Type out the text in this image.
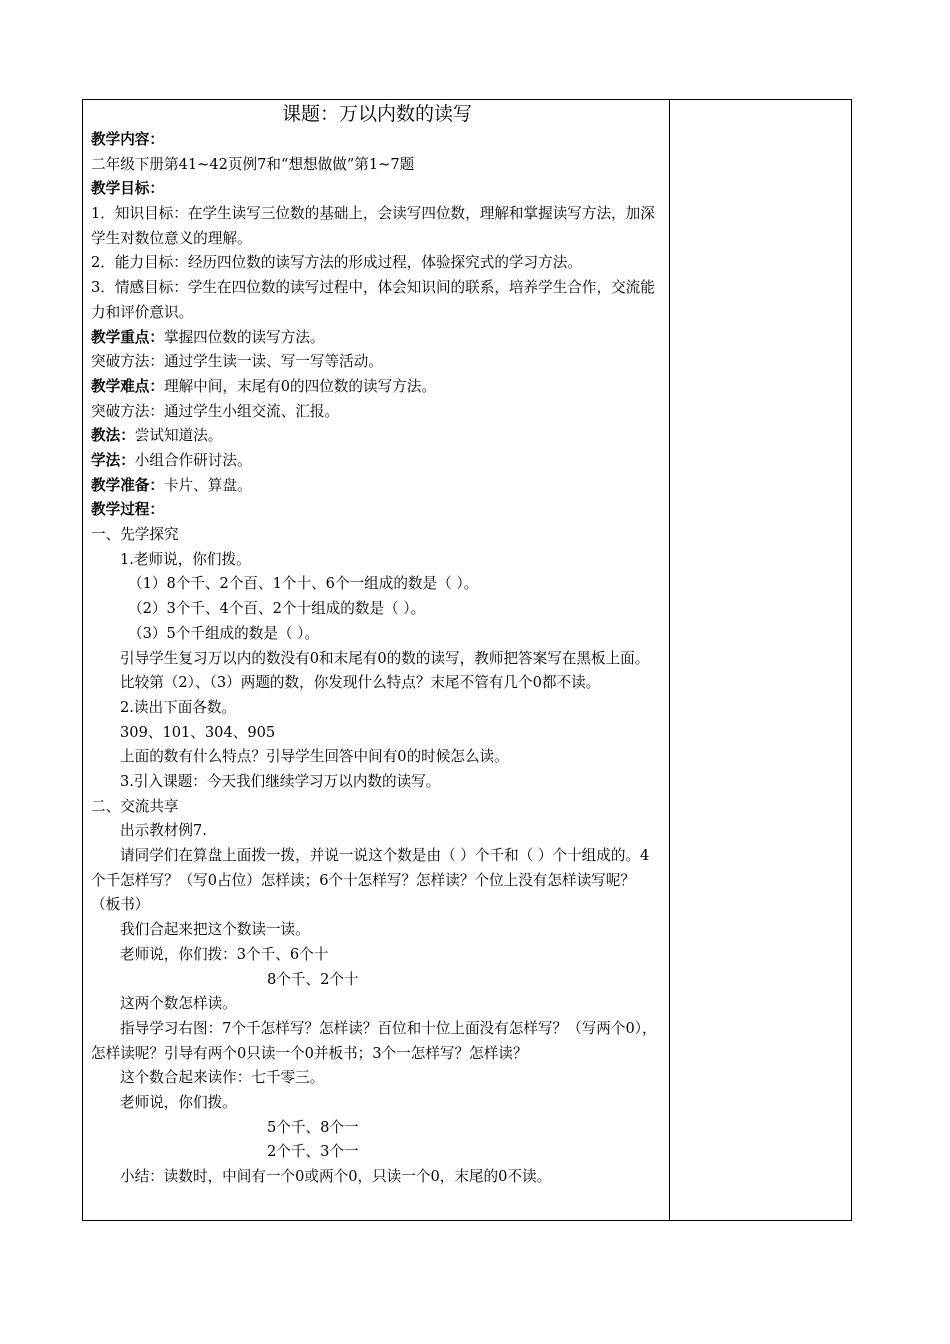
课题：万以内数的读写

教学内容：

二年级下册第41~42页例7和“想想做做”第1~7题

教学目标：

1．知识目标：在学生读写三位数的基础上，会读写四位数，理解和掌握读写方法，加深学生对数位意义的理解。

2．能力目标：经历四位数的读写方法的形成过程，体验探究式的学习方法。

3．情感目标：学生在四位数的读写过程中，体会知识间的联系，培养学生合作，交流能力和评价意识。

教学重点：掌握四位数的读写方法。

突破方法：通过学生读一读、写一写等活动。

教学难点：理解中间，末尾有0的四位数的读写方法。

突破方法：通过学生小组交流、汇报。

教法：尝试知道法。

学法：小组合作研讨法。

教学准备：卡片、算盘。

教学过程：

一、先学探究

1.老师说，你们拨。

（1）8个千、2个百、1个十、6个一组成的数是（ ）。

（2）3个千、4个百、2个十组成的数是（ ）。

（3）5个千组成的数是（ ）。

引导学生复习万以内的数没有0和末尾有0的数的读写，教师把答案写在黑板上面。

比较第（2）、（3）两题的数，你发现什么特点？末尾不管有几个0都不读。

2.读出下面各数。

309、101、304、905

上面的数有什么特点？引导学生回答中间有0的时候怎么读。

3.引入课题：今天我们继续学习万以内数的读写。

二、交流共享

出示教材例7.

请同学们在算盘上面拨一拨，并说一说这个数是由（ ）个千和（ ）个十组成的。4个千怎样写？（写0占位）怎样读；6个十怎样写？怎样读？个位上没有怎样读写呢？（板书）

我们合起来把这个数读一读。

老师说，你们拨：3个千、6个十

8个千、2个十

这两个数怎样读。

指导学习右图：7个千怎样写？怎样读？百位和十位上面没有怎样写？（写两个0），怎样读呢？引导有两个0只读一个0并板书；3个一怎样写？怎样读？

这个数合起来读作：七千零三。

老师说，你们拨。

5个千、8个一

2个千、3个一

小结：读数时，中间有一个0或两个0，只读一个0，末尾的0不读。
